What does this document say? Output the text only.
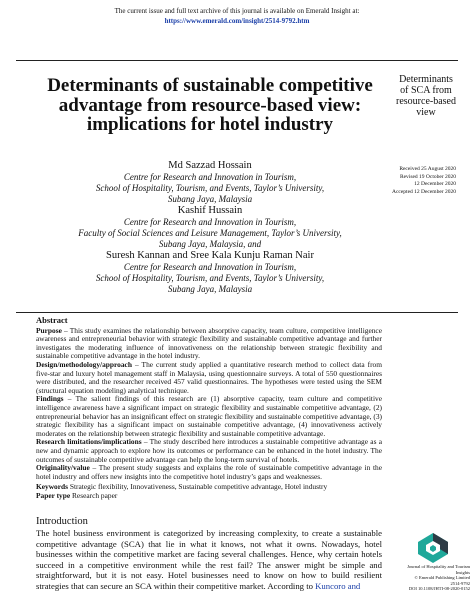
The current issue and full text archive of this journal is available on Emerald Insight at:
https://www.emerald.com/insight/2514-9792.htm
Determinants of sustainable competitive advantage from resource-based view: implications for hotel industry
Md Sazzad Hossain
Centre for Research and Innovation in Tourism,
School of Hospitality, Tourism, and Events, Taylor’s University,
Subang Jaya, Malaysia
Kashif Hussain
Centre for Research and Innovation in Tourism,
Faculty of Social Sciences and Leisure Management, Taylor’s University,
Subang Jaya, Malaysia, and
Suresh Kannan and Sree Kala Kunju Raman Nair
Centre for Research and Innovation in Tourism,
School of Hospitality, Tourism, and Events, Taylor’s University,
Subang Jaya, Malaysia
Determinants
of SCA from
resource-based
view
Received 25 August 2020
Revised 19 October 2020
12 December 2020
Accepted 12 December 2020
Abstract

Purpose – This study examines the relationship between absorptive capacity, team culture, competitive intelligence awareness and entrepreneurial behavior with strategic flexibility and sustainable competitive advantage and further investigates the moderating influence of innovativeness on the relationship between strategic flexibility and sustainable competitive advantage in the hotel industry.

Design/methodology/approach – The current study applied a quantitative research method to collect data from five-star and luxury hotel management staff in Malaysia, using questionnaire surveys. A total of 550 questionnaires were distributed, and the researcher received 457 valid questionnaires. The hypotheses were tested using the SEM (structural equation modeling) analytical technique.

Findings – The salient findings of this research are (1) absorptive capacity, team culture and competitive intelligence awareness have a significant impact on strategic flexibility and sustainable competitive advantage, (2) entrepreneurial behavior has an insignificant effect on strategic flexibility and sustainable competitive advantage, (3) strategic flexibility has a significant impact on sustainable competitive advantage, (4) innovativeness actively moderates on the relationship between strategic flexibility and sustainable competitive advantage.

Research limitations/implications – The study described here introduces a sustainable competitive advantage as a new and dynamic approach to explore how its outcomes or performance can be enhanced in the hotel industry. The outcomes of sustainable competitive advantage can help the long-term survival of hotels.

Originality/value – The present study suggests and explains the role of sustainable competitive advantage in the hotel industry and offers new insights into the competitive hotel industry’s gaps and weaknesses.

Keywords Strategic flexibility, Innovativeness, Sustainable competitive advantage, Hotel industry

Paper type Research paper

Introduction
The hotel business environment is categorized by increasing complexity, to create a sustainable competitive advantage (SCA) that lie in what it knows, not what it owns. Nowadays, hotel businesses within the competitive market are facing several challenges. Hence, why certain hotels succeed in a competitive environment while the rest fail? The answer might be simple and straightforward, but it is not easy. Hotel businesses need to know on how to build resilient strategies that can secure an SCA within their competitive market. According to Kuncoro and
Journal of Hospitality and Tourism
Insights
© Emerald Publishing Limited
2514-9792
DOI 10.1108/JHTI-08-2020-0152
